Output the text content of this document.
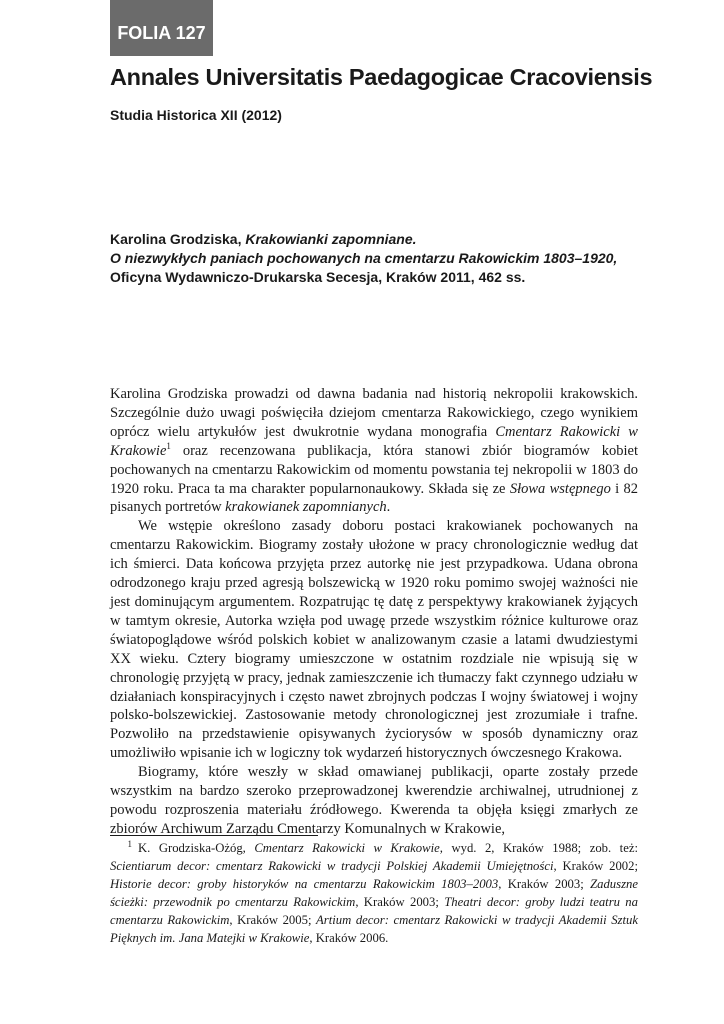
FOLIA 127
Annales Universitatis Paedagogicae Cracoviensis
Studia Historica XII (2012)
Karolina Grodziska, Krakowianki zapomniane.
O niezwykłych paniach pochowanych na cmentarzu Rakowickim 1803–1920,
Oficyna Wydawniczo-Drukarska Secesja, Kraków 2011, 462 ss.

Karolina Grodziska prowadzi od dawna badania nad historią nekropolii krakowskich. Szczególnie dużo uwagi poświęciła dziejom cmentarza Rakowickiego, czego wynikiem oprócz wielu artykułów jest dwukrotnie wydana monografia Cmentarz Rakowicki w Krakowie$^1$ oraz recenzowana publikacja, która stanowi zbiór biogramów kobiet pochowanych na cmentarzu Rakowickim od momentu powstania tej nekropolii w 1803 do 1920 roku. Praca ta ma charakter popularnonaukowy. Składa się ze Słowa wstępnego i 82 pisanych portretów krakowianek zapomnianych.

We wstępie określono zasady doboru postaci krakowianek pochowanych na cmentarzu Rakowickim. Biogramy zostały ułożone w pracy chronologicznie według dat ich śmierci. Data końcowa przyjęta przez autorkę nie jest przypadkowa. Udana obrona odrodzonego kraju przed agresją bolszewicką w 1920 roku pomimo swojej ważności nie jest dominującym argumentem. Rozpatrując tę datę z perspektywy krakowianek żyjących w tamtym okresie, Autorka wzięła pod uwagę przede wszystkim różnice kulturowe oraz światopoglądowe wśród polskich kobiet w analizowanym czasie a latami dwudziestymi XX wieku. Cztery biogramy umieszczone w ostatnim rozdziale nie wpisują się w chronologię przyjętą w pracy, jednak zamieszczenie ich tłumaczy fakt czynnego udziału w działaniach konspiracyjnych i często nawet zbrojnych podczas I wojny światowej i wojny polsko-bolszewickiej. Zastosowanie metody chronologicznej jest zrozumiałe i trafne. Pozwoliło na przedstawienie opisywanych życiorysów w sposób dynamiczny oraz umożliwiło wpisanie ich w logiczny tok wydarzeń historycznych ówczesnego Krakowa.

Biogramy, które weszły w skład omawianej publikacji, oparte zostały przede wszystkim na bardzo szeroko przeprowadzonej kwerendzie archiwalnej, utrudnionej z powodu rozproszenia materiału źródłowego. Kwerenda ta objęła księgi zmarłych ze zbiorów Archiwum Zarządu Cmentarzy Komunalnych w Krakowie,

1 K. Grodziska-Ożóg, Cmentarz Rakowicki w Krakowie, wyd. 2, Kraków 1988; zob. też: Scientiarum decor: cmentarz Rakowicki w tradycji Polskiej Akademii Umiejętności, Kraków 2002; Historie decor: groby historyków na cmentarzu Rakowickim 1803–2003, Kraków 2003; Zaduszne ścieżki: przewodnik po cmentarzu Rakowickim, Kraków 2003; Theatri decor: groby ludzi teatru na cmentarzu Rakowickim, Kraków 2005; Artium decor: cmentarz Rakowicki w tradycji Akademii Sztuk Pięknych im. Jana Matejki w Krakowie, Kraków 2006.
